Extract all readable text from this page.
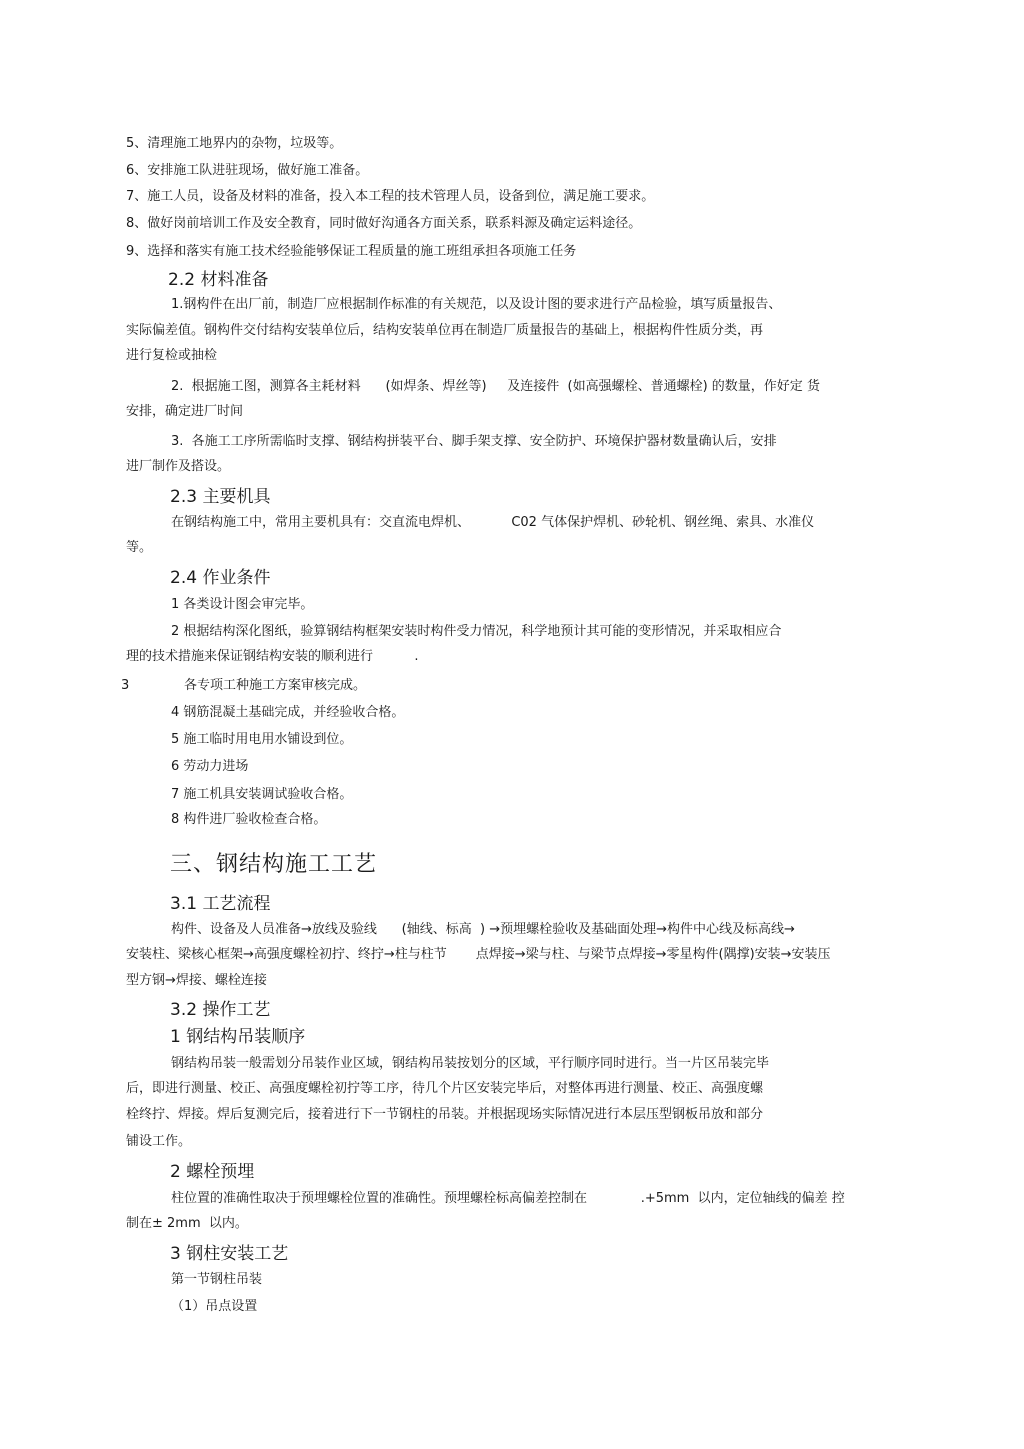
5、清理施工地界内的杂物，垃圾等。
6、安排施工队进驻现场，做好施工准备。
7、施工人员，设备及材料的准备，投入本工程的技术管理人员，设备到位，满足施工要求。
8、做好岗前培训工作及安全教育，同时做好沟通各方面关系，联系料源及确定运料途径。
9、选择和落实有施工技术经验能够保证工程质量的施工班组承担各项施工任务
2.2 材料准备
1.钢构件在出厂前，制造厂应根据制作标准的有关规范，以及设计图的要求进行产品检验，填写质量报告、
实际偏差值。钢构件交付结构安装单位后，结构安装单位再在制造厂质量报告的基础上，根据构件性质分类，再
进行复检或抽检
2.  根据施工图，测算各主耗材料      (如焊条、焊丝等)     及连接件  (如高强螺栓、普通螺栓) 的数量，作好定 货
安排，确定进厂时间
3.  各施工工序所需临时支撑、钢结构拼装平台、脚手架支撑、安全防护、环境保护器材数量确认后，安排
进厂制作及搭设。
2.3 主要机具
在钢结构施工中，常用主要机具有：交直流电焊机、          C02 气体保护焊机、砂轮机、钢丝绳、索具、水准仪
等。
2.4 作业条件
1 各类设计图会审完毕。
2 根据结构深化图纸，验算钢结构框架安装时构件受力情况，科学地预计其可能的变形情况，并采取相应合
理的技术措施来保证钢结构安装的顺利进行          .
3	各专项工种施工方案审核完成。
4 钢筋混凝土基础完成，并经验收合格。
5 施工临时用电用水铺设到位。
6 劳动力进场
7 施工机具安装调试验收合格。
8 构件进厂验收检查合格。
三、钢结构施工工艺
3.1 工艺流程
构件、设备及人员准备→放线及验线      (轴线、标高  ) →预埋螺栓验收及基础面处理→构件中心线及标高线→
安装柱、梁核心框架→高强度螺栓初拧、终拧→柱与柱节       点焊接→梁与柱、与梁节点焊接→零星构件(隅撑)安装→安装压
型方钢→焊接、螺栓连接
3.2 操作工艺
1 钢结构吊装顺序
钢结构吊装一般需划分吊装作业区域，钢结构吊装按划分的区域，平行顺序同时进行。当一片区吊装完毕
后，即进行测量、校正、高强度螺栓初拧等工序，待几个片区安装完毕后，对整体再进行测量、校正、高强度螺
栓终拧、焊接。焊后复测完后，接着进行下一节钢柱的吊装。并根据现场实际情况进行本层压型钢板吊放和部分
铺设工作。
2 螺栓预埋
柱位置的准确性取决于预埋螺栓位置的准确性。预埋螺栓标高偏差控制在             .+5mm  以内，定位轴线的偏差 控
制在± 2mm  以内。
3 钢柱安装工艺
第一节钢柱吊装
（1）吊点设置
